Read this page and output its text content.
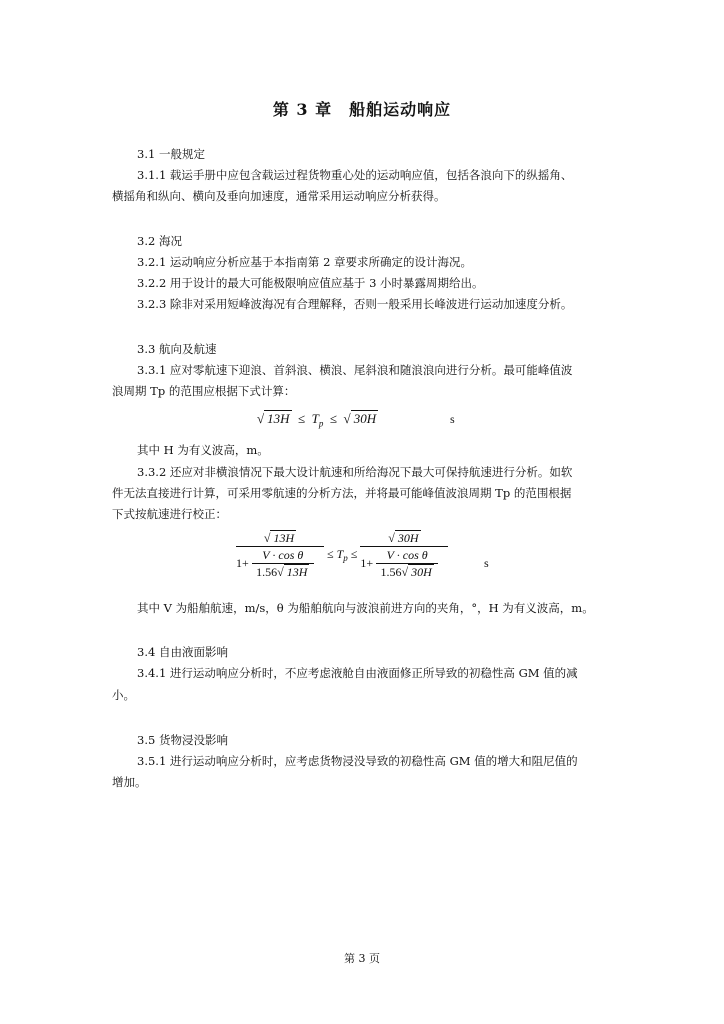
第 3 章　船舶运动响应
3.1 一般规定
3.1.1 载运手册中应包含载运过程货物重心处的运动响应值，包括各浪向下的纵摇角、
横摇角和纵向、横向及垂向加速度，通常采用运动响应分析获得。
3.2 海况
3.2.1 运动响应分析应基于本指南第 2 章要求所确定的设计海况。
3.2.2 用于设计的最大可能极限响应值应基于 3 小时暴露周期给出。
3.2.3 除非对采用短峰波海况有合理解释，否则一般采用长峰波进行运动加速度分析。
3.3 航向及航速
3.3.1 应对零航速下迎浪、首斜浪、横浪、尾斜浪和随浪浪向进行分析。最可能峰值波
浪周期 Tp 的范围应根据下式计算：
√ $13H \le T_p$ ≤ √ 30H	s
其中 H 为有义波高，m。
3.3.2 还应对非横浪情况下最大设计航速和所给海况下最大可保持航速进行分析。如软
件无法直接进行计算，可采用零航速的分析方法，并将最可能峰值波浪周期 Tp 的范围根据
下式按航速进行校正：
$\frac{√ 13H}{1+ \frac{\text{V · cos θ}}{1.56√ 13H}} \le T_p \le \frac{√ 30H}{1+ \frac{\text{V · cos θ}}{1.56√ 30H}}$	s
其中 V 为船舶航速，m/s，θ 为船舶航向与波浪前进方向的夹角，°，H 为有义波高，m。
3.4 自由液面影响
3.4.1 进行运动响应分析时，不应考虑液舱自由液面修正所导致的初稳性高 GM 值的减
小。
3.5 货物浸没影响
3.5.1 进行运动响应分析时，应考虑货物浸没导致的初稳性高 GM 值的增大和阻尼值的
增加。
第 3 页
